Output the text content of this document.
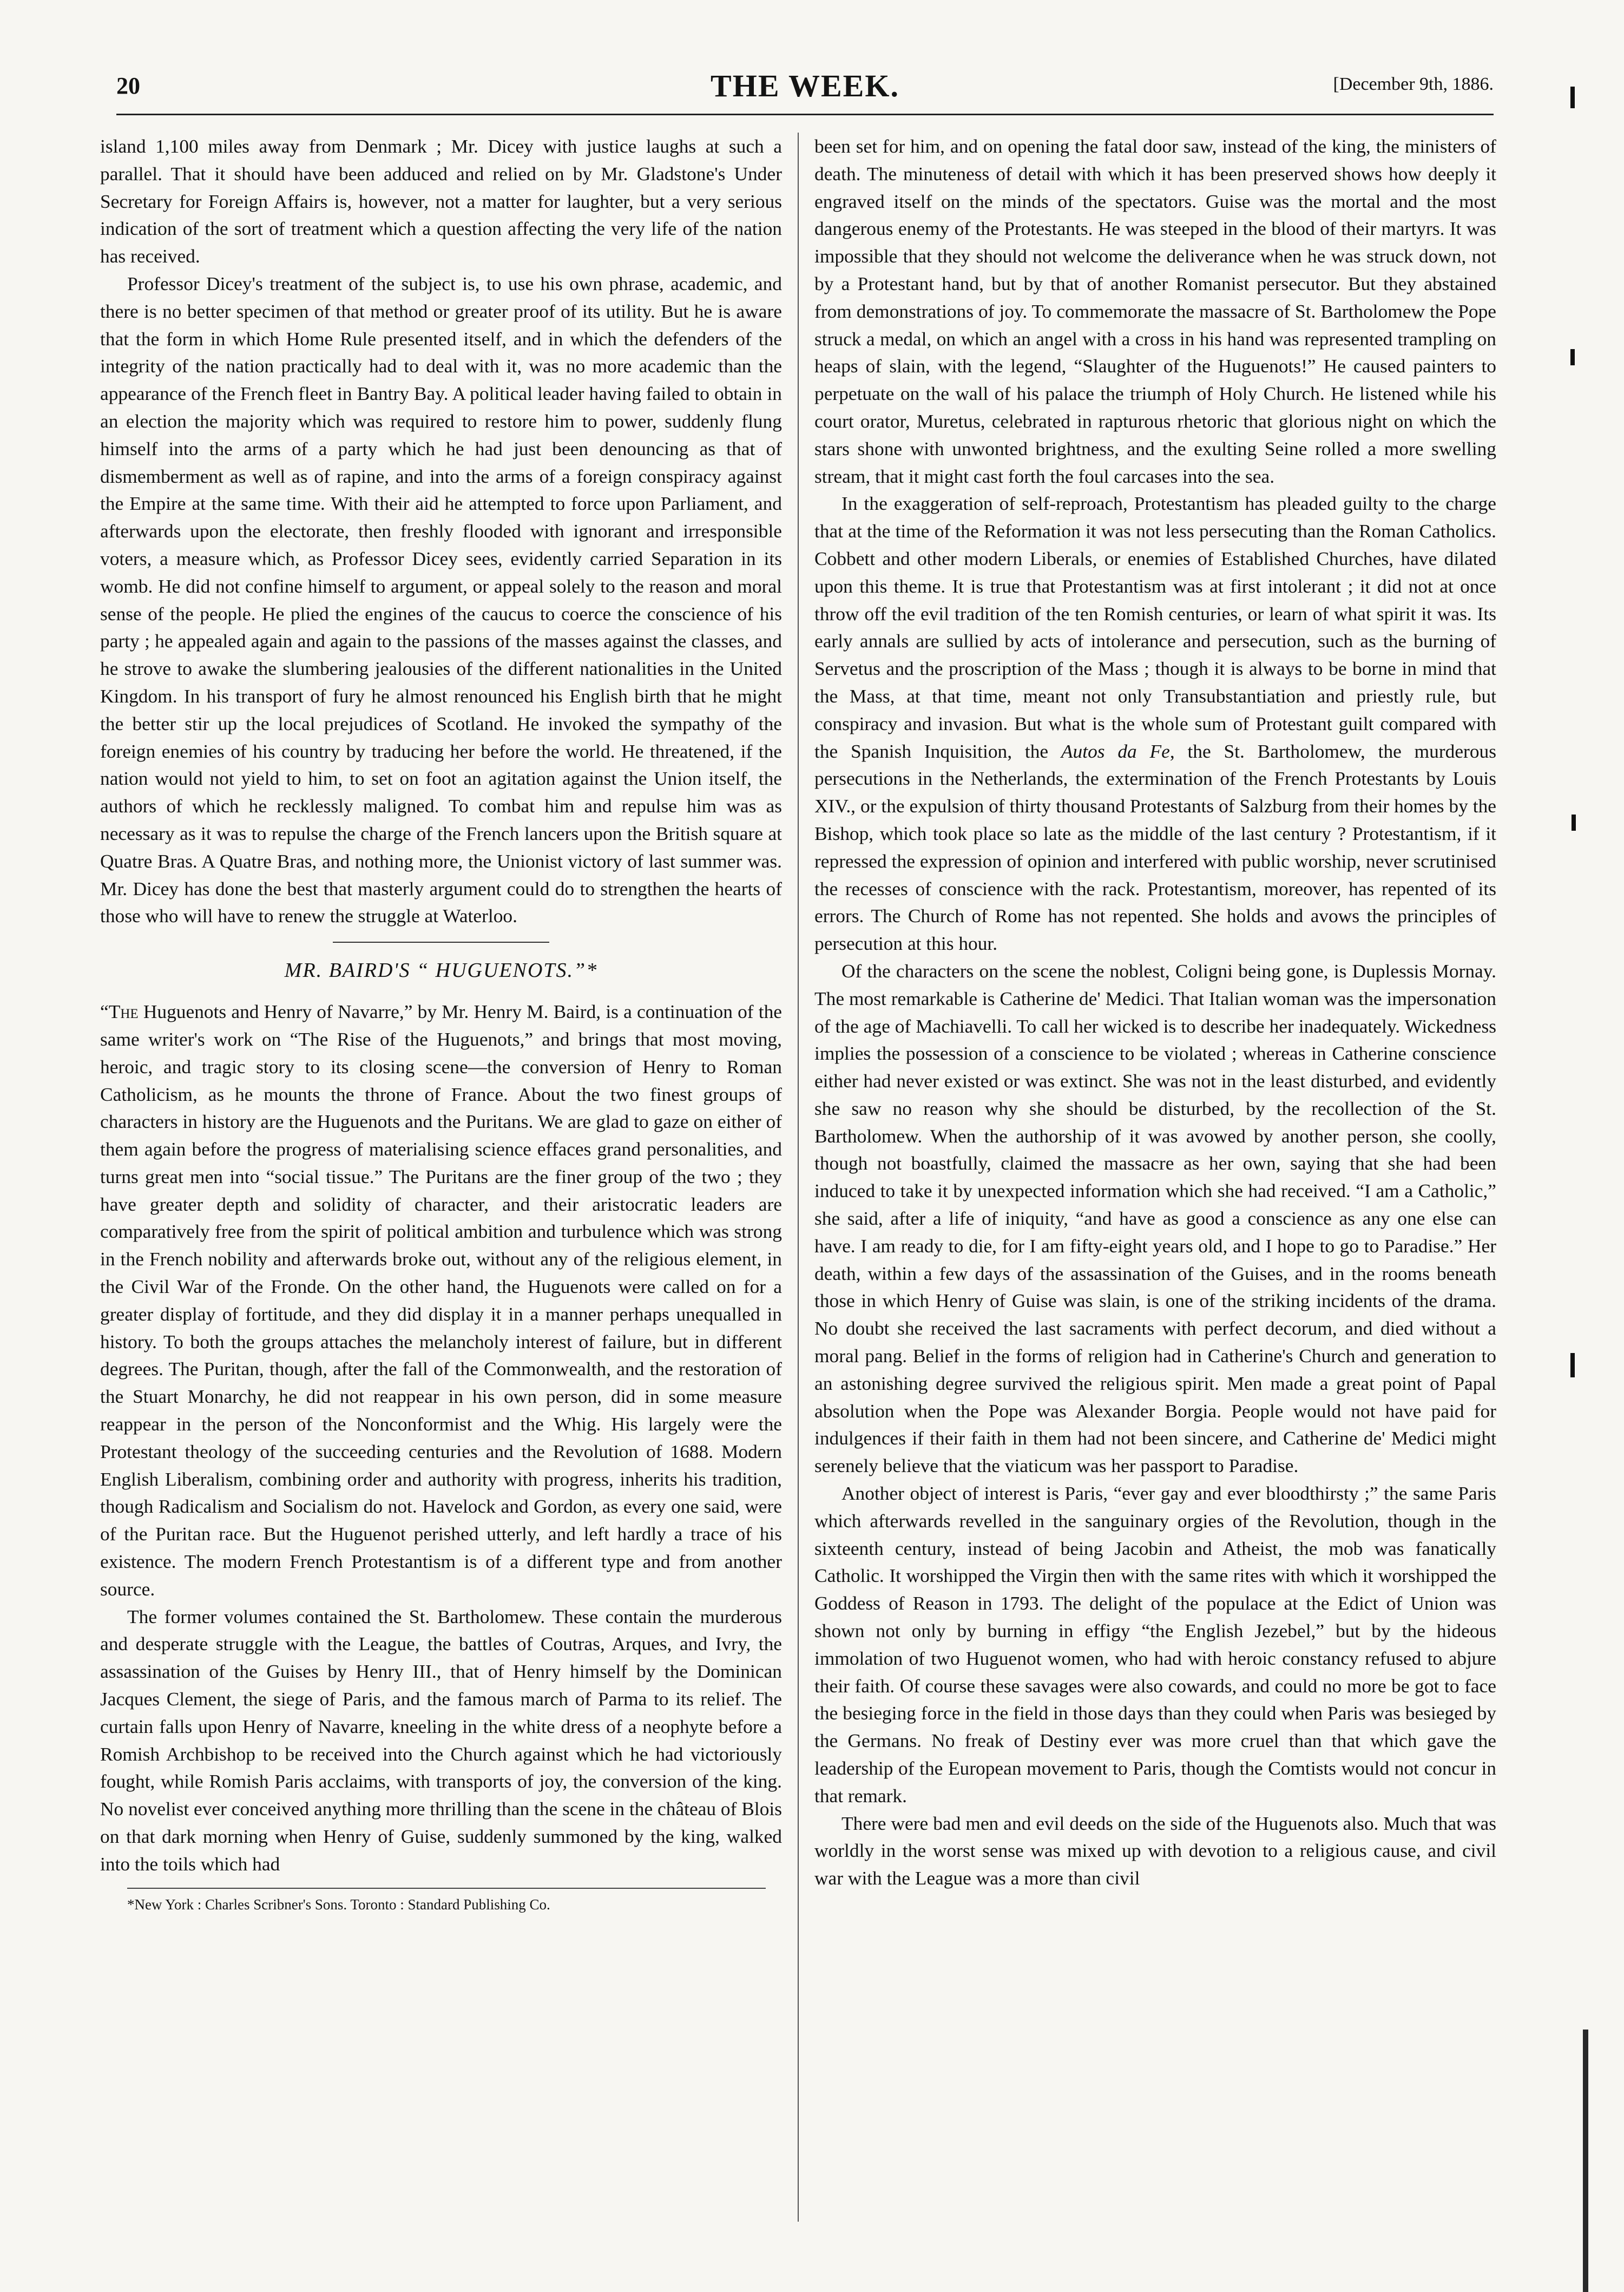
20	THE WEEK.	[December 9th, 1886.

island 1,100 miles away from Denmark ; Mr. Dicey with justice laughs at such a parallel. That it should have been adduced and relied on by Mr. Gladstone's Under Secretary for Foreign Affairs is, however, not a matter for laughter, but a very serious indication of the sort of treatment which a question affecting the very life of the nation has received.

Professor Dicey's treatment of the subject is, to use his own phrase, academic, and there is no better specimen of that method or greater proof of its utility. But he is aware that the form in which Home Rule presented itself, and in which the defenders of the integrity of the nation practically had to deal with it, was no more academic than the appearance of the French fleet in Bantry Bay. A political leader having failed to obtain in an election the majority which was required to restore him to power, suddenly flung himself into the arms of a party which he had just been denouncing as that of dismemberment as well as of rapine, and into the arms of a foreign conspiracy against the Empire at the same time. With their aid he attempted to force upon Parliament, and afterwards upon the electorate, then freshly flooded with ignorant and irresponsible voters, a measure which, as Professor Dicey sees, evidently carried Separation in its womb. He did not confine himself to argument, or appeal solely to the reason and moral sense of the people. He plied the engines of the caucus to coerce the conscience of his party ; he appealed again and again to the passions of the masses against the classes, and he strove to awake the slumbering jealousies of the different nationalities in the United Kingdom. In his transport of fury he almost renounced his English birth that he might the better stir up the local prejudices of Scotland. He invoked the sympathy of the foreign enemies of his country by traducing her before the world. He threatened, if the nation would not yield to him, to set on foot an agitation against the Union itself, the authors of which he recklessly maligned. To combat him and repulse him was as necessary as it was to repulse the charge of the French lancers upon the British square at Quatre Bras. A Quatre Bras, and nothing more, the Unionist victory of last summer was. Mr. Dicey has done the best that masterly argument could do to strengthen the hearts of those who will have to renew the struggle at Waterloo.

MR. BAIRD'S “ HUGUENOTS.”*

“The Huguenots and Henry of Navarre,” by Mr. Henry M. Baird, is a continuation of the same writer's work on “The Rise of the Huguenots,” and brings that most moving, heroic, and tragic story to its closing scene—the conversion of Henry to Roman Catholicism, as he mounts the throne of France. About the two finest groups of characters in history are the Huguenots and the Puritans. We are glad to gaze on either of them again before the progress of materialising science effaces grand personalities, and turns great men into “social tissue.” The Puritans are the finer group of the two ; they have greater depth and solidity of character, and their aristocratic leaders are comparatively free from the spirit of political ambition and turbulence which was strong in the French nobility and afterwards broke out, without any of the religious element, in the Civil War of the Fronde. On the other hand, the Huguenots were called on for a greater display of fortitude, and they did display it in a manner perhaps unequalled in history. To both the groups attaches the melancholy interest of failure, but in different degrees. The Puritan, though, after the fall of the Commonwealth, and the restoration of the Stuart Monarchy, he did not reappear in his own person, did in some measure reappear in the person of the Nonconformist and the Whig. His largely were the Protestant theology of the succeeding centuries and the Revolution of 1688. Modern English Liberalism, combining order and authority with progress, inherits his tradition, though Radicalism and Socialism do not. Havelock and Gordon, as every one said, were of the Puritan race. But the Huguenot perished utterly, and left hardly a trace of his existence. The modern French Protestantism is of a different type and from another source.

The former volumes contained the St. Bartholomew. These contain the murderous and desperate struggle with the League, the battles of Coutras, Arques, and Ivry, the assassination of the Guises by Henry III., that of Henry himself by the Dominican Jacques Clement, the siege of Paris, and the famous march of Parma to its relief. The curtain falls upon Henry of Navarre, kneeling in the white dress of a neophyte before a Romish Archbishop to be received into the Church against which he had victoriously fought, while Romish Paris acclaims, with transports of joy, the conversion of the king. No novelist ever conceived anything more thrilling than the scene in the château of Blois on that dark morning when Henry of Guise, suddenly summoned by the king, walked into the toils which had

*New York : Charles Scribner's Sons. Toronto : Standard Publishing Co.

been set for him, and on opening the fatal door saw, instead of the king, the ministers of death. The minuteness of detail with which it has been preserved shows how deeply it engraved itself on the minds of the spectators. Guise was the mortal and the most dangerous enemy of the Protestants. He was steeped in the blood of their martyrs. It was impossible that they should not welcome the deliverance when he was struck down, not by a Protestant hand, but by that of another Romanist persecutor. But they abstained from demonstrations of joy. To commemorate the massacre of St. Bartholomew the Pope struck a medal, on which an angel with a cross in his hand was represented trampling on heaps of slain, with the legend, “Slaughter of the Huguenots!” He caused painters to perpetuate on the wall of his palace the triumph of Holy Church. He listened while his court orator, Muretus, celebrated in rapturous rhetoric that glorious night on which the stars shone with unwonted brightness, and the exulting Seine rolled a more swelling stream, that it might cast forth the foul carcases into the sea.

In the exaggeration of self-reproach, Protestantism has pleaded guilty to the charge that at the time of the Reformation it was not less persecuting than the Roman Catholics. Cobbett and other modern Liberals, or enemies of Established Churches, have dilated upon this theme. It is true that Protestantism was at first intolerant ; it did not at once throw off the evil tradition of the ten Romish centuries, or learn of what spirit it was. Its early annals are sullied by acts of intolerance and persecution, such as the burning of Servetus and the proscription of the Mass ; though it is always to be borne in mind that the Mass, at that time, meant not only Transubstantiation and priestly rule, but conspiracy and invasion. But what is the whole sum of Protestant guilt compared with the Spanish Inquisition, the Autos da Fe, the St. Bartholomew, the murderous persecutions in the Netherlands, the extermination of the French Protestants by Louis XIV., or the expulsion of thirty thousand Protestants of Salzburg from their homes by the Bishop, which took place so late as the middle of the last century ? Protestantism, if it repressed the expression of opinion and interfered with public worship, never scrutinised the recesses of conscience with the rack. Protestantism, moreover, has repented of its errors. The Church of Rome has not repented. She holds and avows the principles of persecution at this hour.

Of the characters on the scene the noblest, Coligni being gone, is Duplessis Mornay. The most remarkable is Catherine de' Medici. That Italian woman was the impersonation of the age of Machiavelli. To call her wicked is to describe her inadequately. Wickedness implies the possession of a conscience to be violated ; whereas in Catherine conscience either had never existed or was extinct. She was not in the least disturbed, and evidently she saw no reason why she should be disturbed, by the recollection of the St. Bartholomew. When the authorship of it was avowed by another person, she coolly, though not boastfully, claimed the massacre as her own, saying that she had been induced to take it by unexpected information which she had received. “I am a Catholic,” she said, after a life of iniquity, “and have as good a conscience as any one else can have. I am ready to die, for I am fifty-eight years old, and I hope to go to Paradise.” Her death, within a few days of the assassination of the Guises, and in the rooms beneath those in which Henry of Guise was slain, is one of the striking incidents of the drama. No doubt she received the last sacraments with perfect decorum, and died without a moral pang. Belief in the forms of religion had in Catherine's Church and generation to an astonishing degree survived the religious spirit. Men made a great point of Papal absolution when the Pope was Alexander Borgia. People would not have paid for indulgences if their faith in them had not been sincere, and Catherine de' Medici might serenely believe that the viaticum was her passport to Paradise.

Another object of interest is Paris, “ever gay and ever bloodthirsty ;” the same Paris which afterwards revelled in the sanguinary orgies of the Revolution, though in the sixteenth century, instead of being Jacobin and Atheist, the mob was fanatically Catholic. It worshipped the Virgin then with the same rites with which it worshipped the Goddess of Reason in 1793. The delight of the populace at the Edict of Union was shown not only by burning in effigy “the English Jezebel,” but by the hideous immolation of two Huguenot women, who had with heroic constancy refused to abjure their faith. Of course these savages were also cowards, and could no more be got to face the besieging force in the field in those days than they could when Paris was besieged by the Germans. No freak of Destiny ever was more cruel than that which gave the leadership of the European movement to Paris, though the Comtists would not concur in that remark.

There were bad men and evil deeds on the side of the Huguenots also. Much that was worldly in the worst sense was mixed up with devotion to a religious cause, and civil war with the League was a more than civil
